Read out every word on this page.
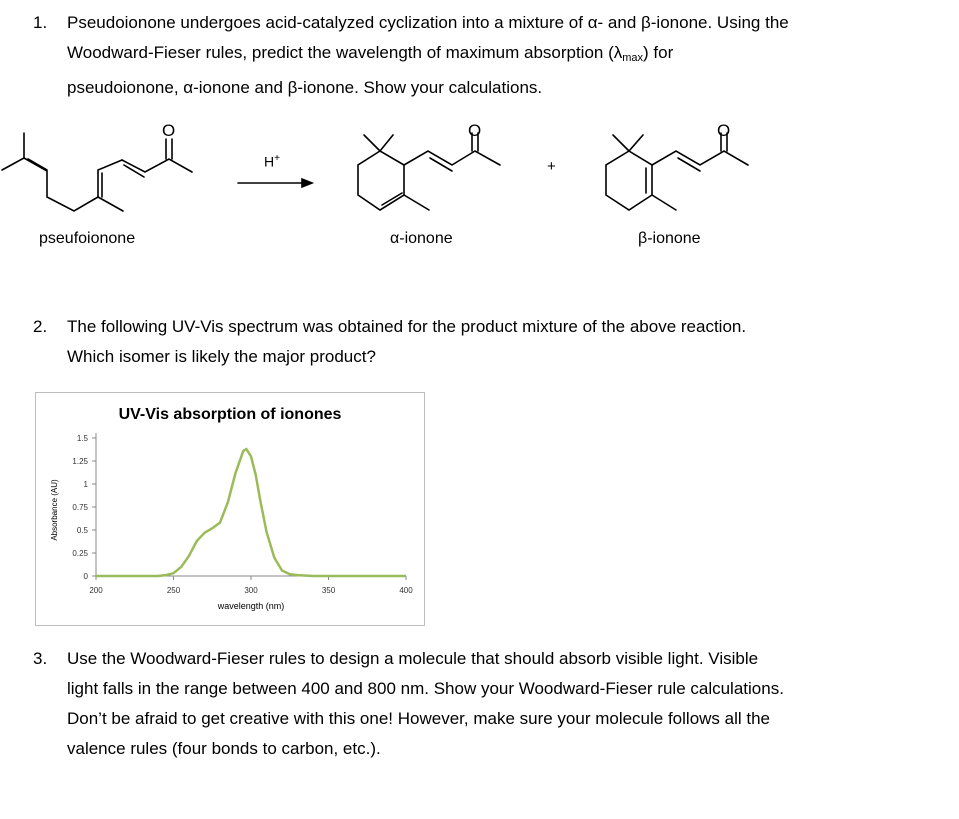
1. Pseudoionone undergoes acid-catalyzed cyclization into a mixture of α- and β-ionone. Using the
Woodward-Fieser rules, predict the wavelength of maximum absorption $(\lambda_{max})$ for
pseudoionone, α-ionone and β-ionone. Show your calculations.
O	O	O
H+	+
pseufoionone	α-ionone	β-ionone
2. The following UV-Vis spectrum was obtained for the product mixture of the above reaction.
Which isomer is likely the major product?
UV-Vis absorption of ionones
Absorbance (AU)
wavelength (nm)
0
0.25
0.5
0.75
1
1.25
1.5
200	250	300	350	400
3. Use the Woodward-Fieser rules to design a molecule that should absorb visible light. Visible
light falls in the range between 400 and 800 nm. Show your Woodward-Fieser rule calculations.
Don’t be afraid to get creative with this one! However, make sure your molecule follows all the
valence rules (four bonds to carbon, etc.).
